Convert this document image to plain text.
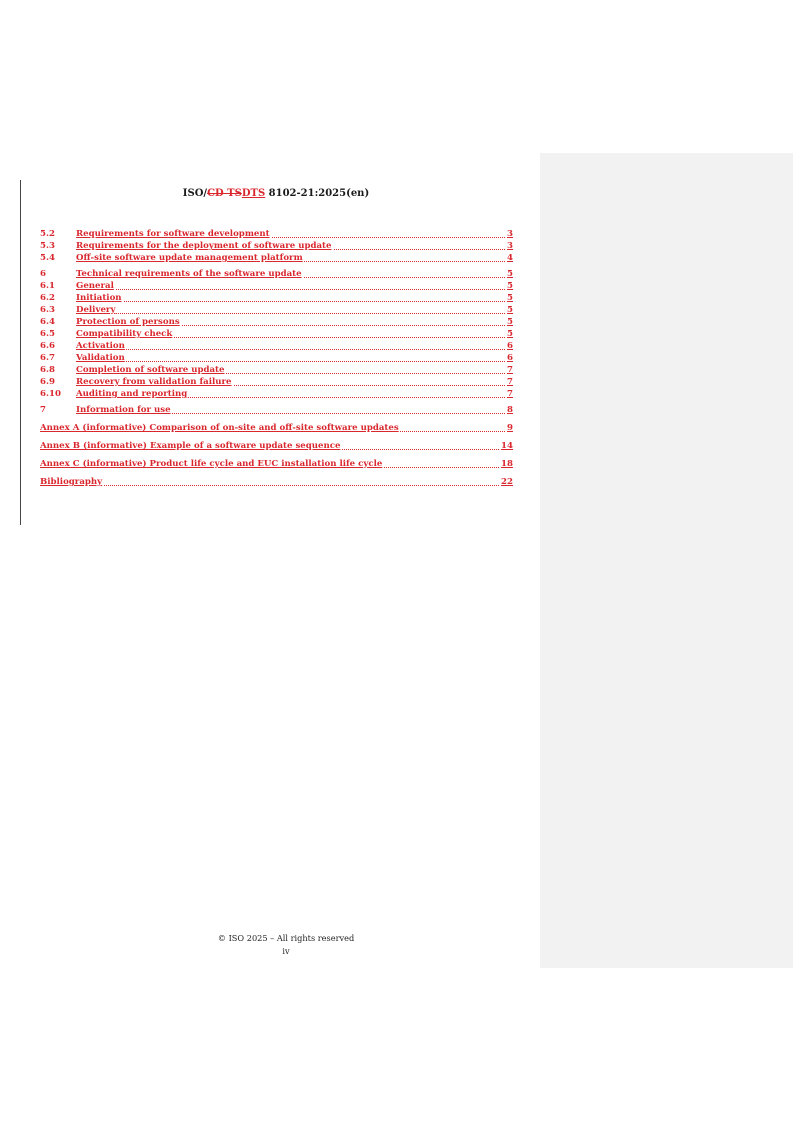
ISO/CD TSDTS 8102-21:2025(en)
5.2 Requirements for software development	3
5.3 Requirements for the deployment of software update	3
5.4 Off-site software update management platform	4
6	Technical requirements of the software update	5
6.1 General	5
6.2 Initiation	5
6.3 Delivery	5
6.4 Protection of persons	5
6.5 Compatibility check	5
6.6 Activation	6
6.7 Validation	6
6.8 Completion of software update	7
6.9 Recovery from validation failure	7
6.10 Auditing and reporting	7
7	Information for use	8
Annex A (informative) Comparison of on-site and off-site software updates	9
Annex B (informative) Example of a software update sequence	14
Annex C (informative) Product life cycle and EUC installation life cycle	18
Bibliography	22
© ISO 2025 – All rights reserved
iv
